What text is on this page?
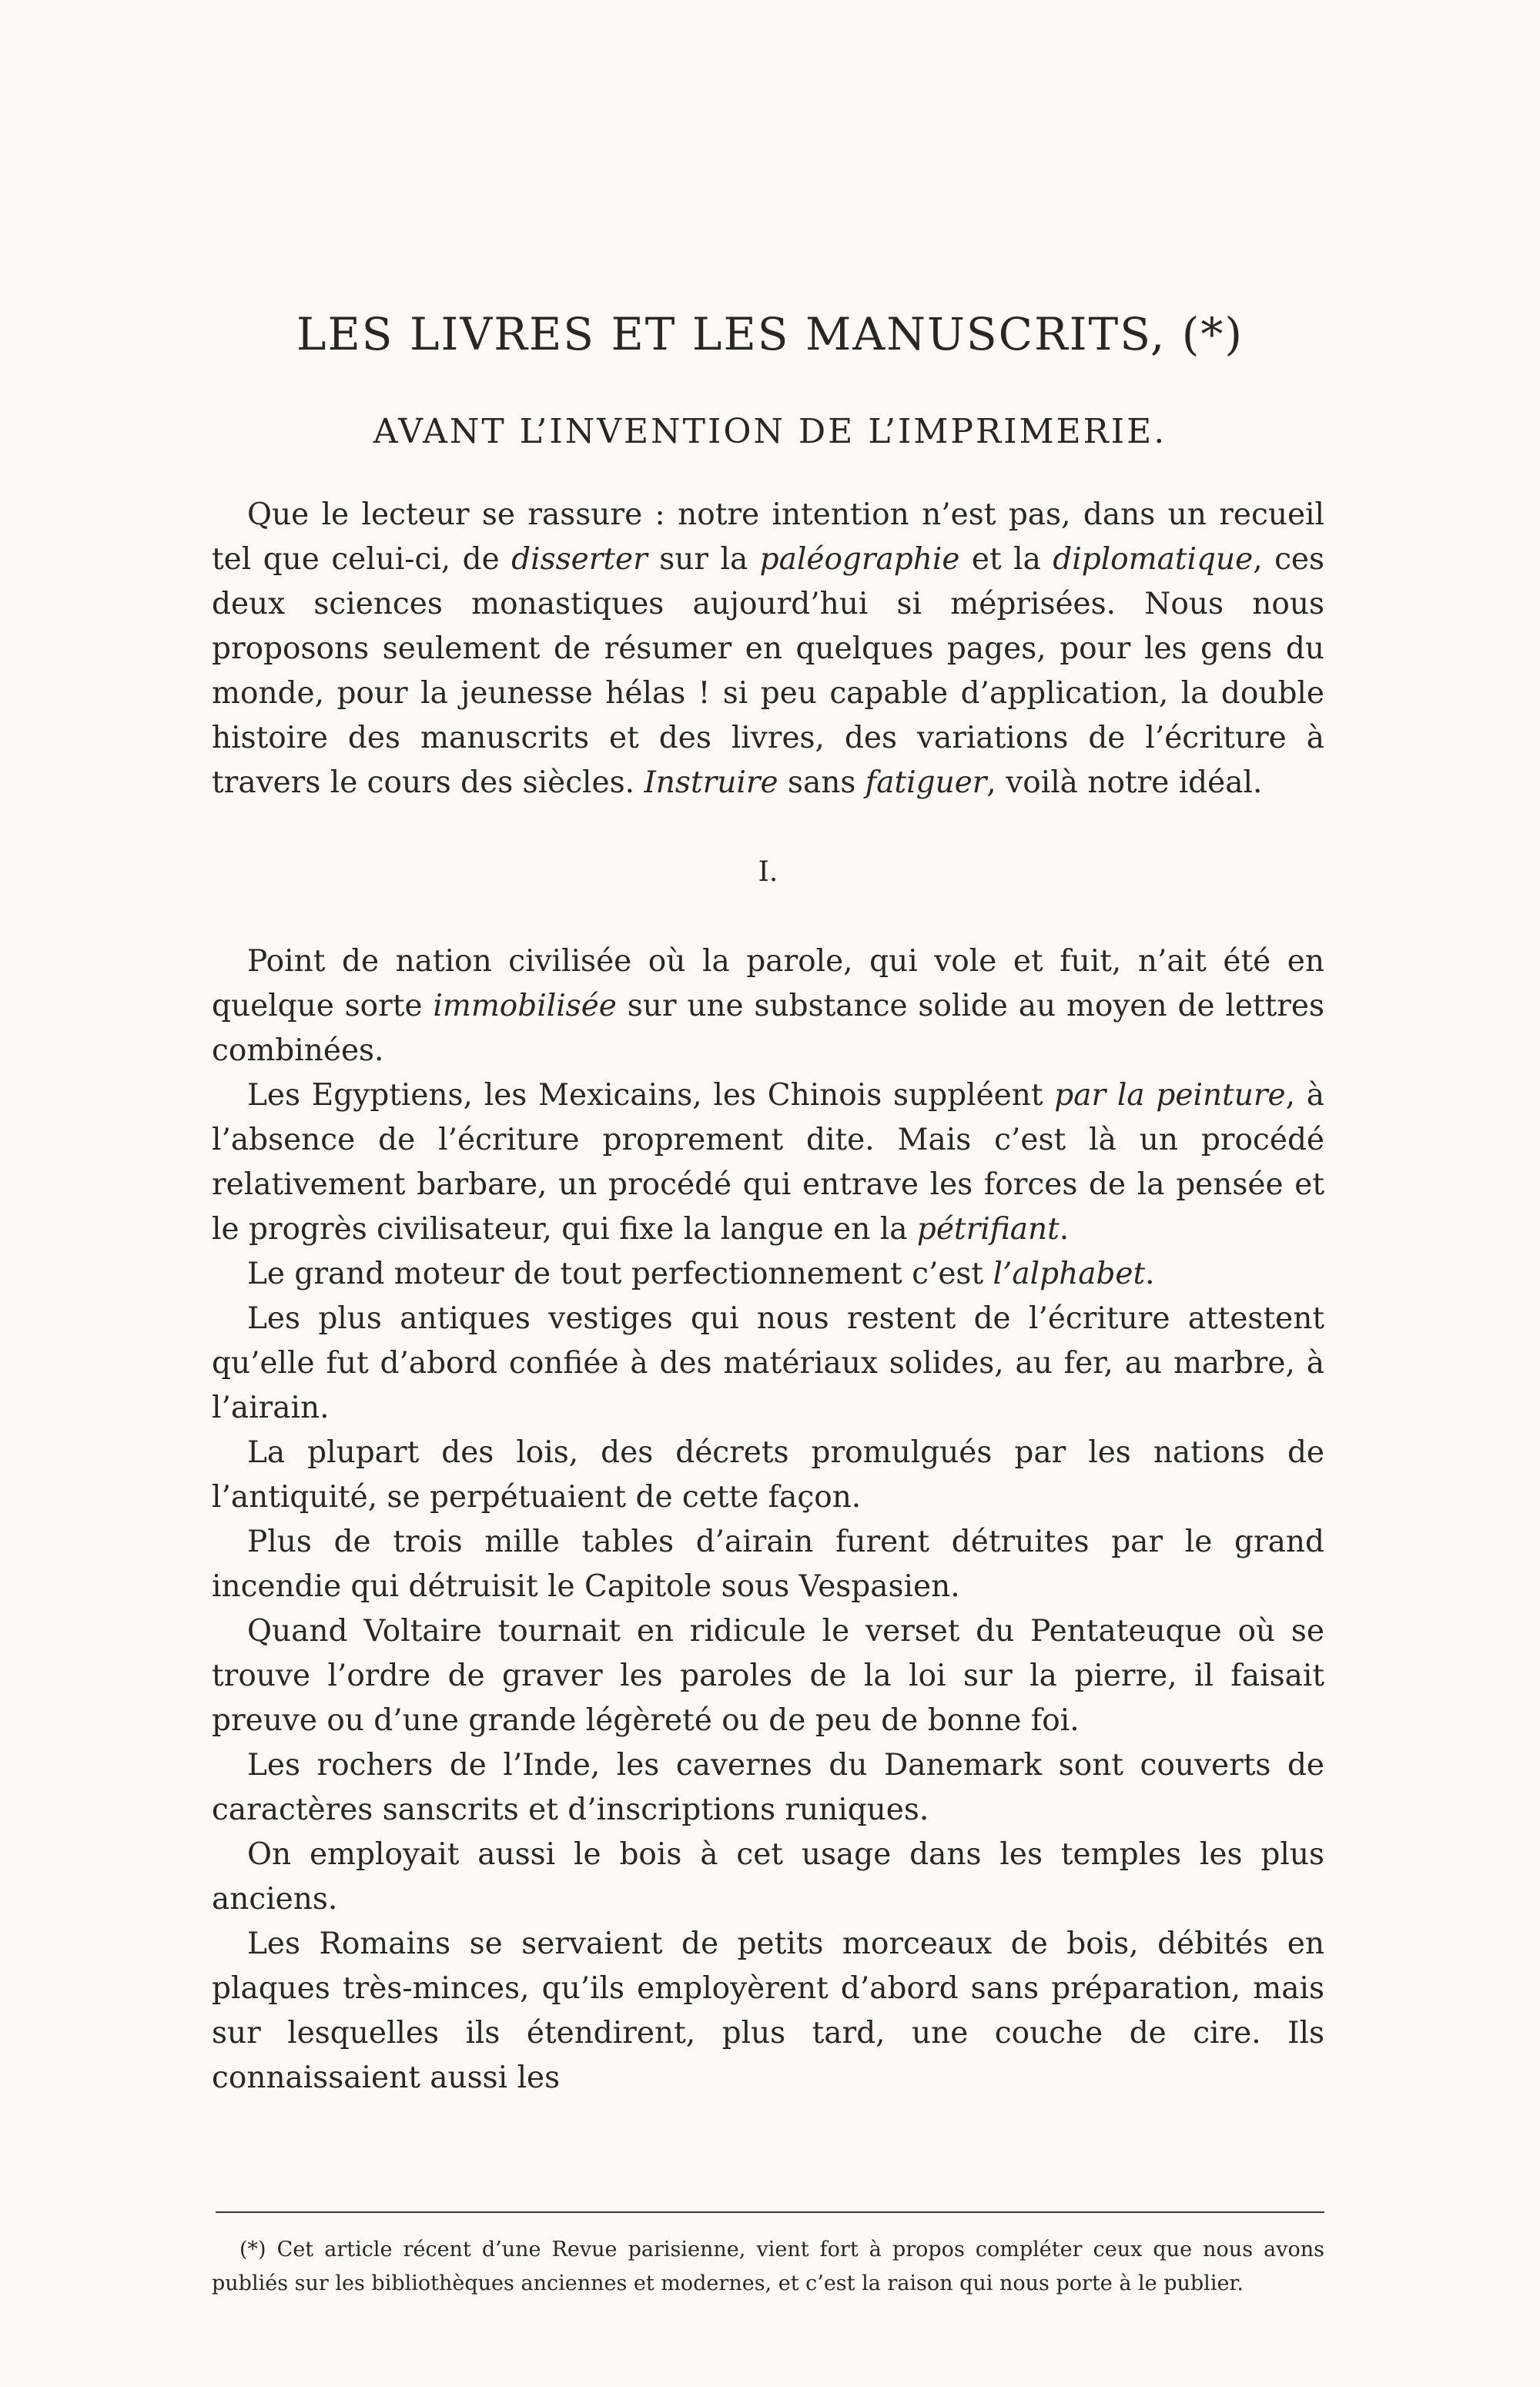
LES LIVRES ET LES MANUSCRITS, (*)
AVANT L’INVENTION DE L’IMPRIMERIE.

Que le lecteur se rassure : notre intention n’est pas, dans un recueil tel que celui-ci, de disserter sur la paléographie et la diplomatique, ces deux sciences monastiques aujourd’hui si méprisées. Nous nous proposons seulement de résumer en quelques pages, pour les gens du monde, pour la jeunesse hélas ! si peu capable d’application, la double histoire des manuscrits et des livres, des variations de l’écriture à travers le cours des siècles. Instruire sans fatiguer, voilà notre idéal.

I.

Point de nation civilisée où la parole, qui vole et fuit, n’ait été en quelque sorte immobilisée sur une substance solide au moyen de lettres combinées.

Les Egyptiens, les Mexicains, les Chinois suppléent par la peinture, à l’absence de l’écriture proprement dite. Mais c’est là un procédé relativement barbare, un procédé qui entrave les forces de la pensée et le progrès civilisateur, qui fixe la langue en la pétrifiant.

Le grand moteur de tout perfectionnement c’est l’alphabet.

Les plus antiques vestiges qui nous restent de l’écriture attestent qu’elle fut d’abord confiée à des matériaux solides, au fer, au marbre, à l’airain.

La plupart des lois, des décrets promulgués par les nations de l’antiquité, se perpétuaient de cette façon.

Plus de trois mille tables d’airain furent détruites par le grand incendie qui détruisit le Capitole sous Vespasien.

Quand Voltaire tournait en ridicule le verset du Pentateuque où se trouve l’ordre de graver les paroles de la loi sur la pierre, il faisait preuve ou d’une grande légèreté ou de peu de bonne foi.

Les rochers de l’Inde, les cavernes du Danemark sont couverts de caractères sanscrits et d’inscriptions runiques.

On employait aussi le bois à cet usage dans les temples les plus anciens.

Les Romains se servaient de petits morceaux de bois, débités en plaques très-minces, qu’ils employèrent d’abord sans préparation, mais sur lesquelles ils étendirent, plus tard, une couche de cire. Ils connaissaient aussi les

(*) Cet article récent d’une Revue parisienne, vient fort à propos compléter ceux que nous avons publiés sur les bibliothèques anciennes et modernes, et c’est la raison qui nous porte à le publier.
